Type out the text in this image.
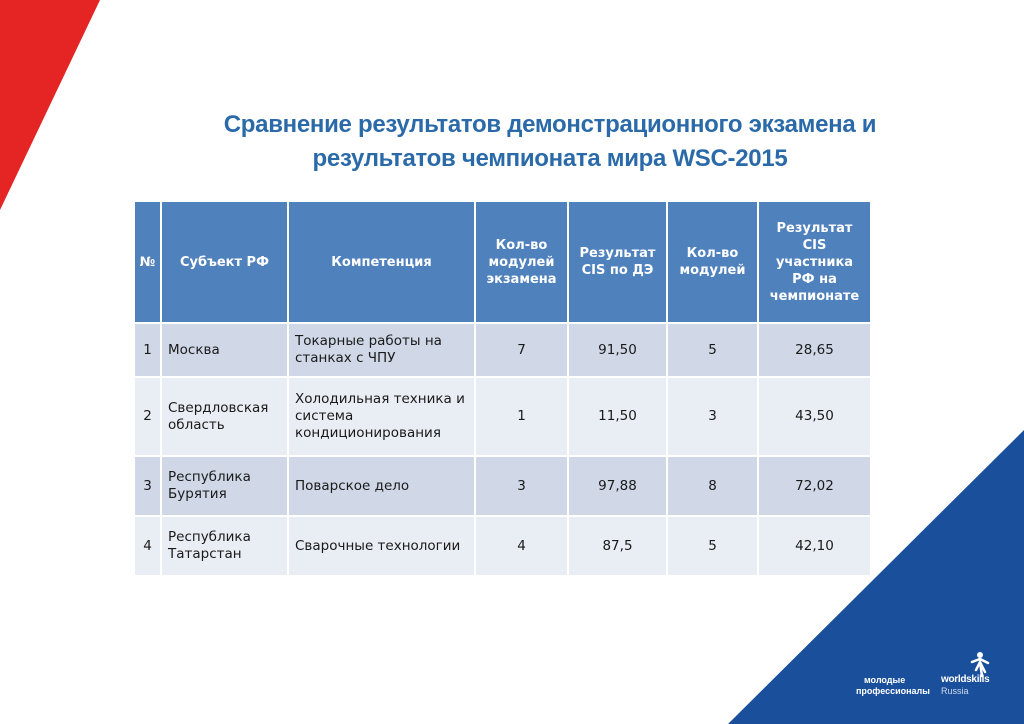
Сравнение результатов демонстрационного экзамена и
результатов чемпионата мира WSC-2015
№	Субъект РФ	Компетенция	Кол-во модулей экзамена	Результат CIS по ДЭ	Кол-во модулей	Результат CIS участника РФ на чемпионате
1	Москва	Токарные работы на станках с ЧПУ	7	91,50	5	28,65
2	Свердловская область	Холодильная техника и система кондиционирования	1	11,50	3	43,50
3	Республика Бурятия	Поварское дело	3	97,88	8	72,02
4	Республика Татарстан	Сварочные технологии	4	87,5	5	42,10
молодые
профессионалы
worldskills
Russia
